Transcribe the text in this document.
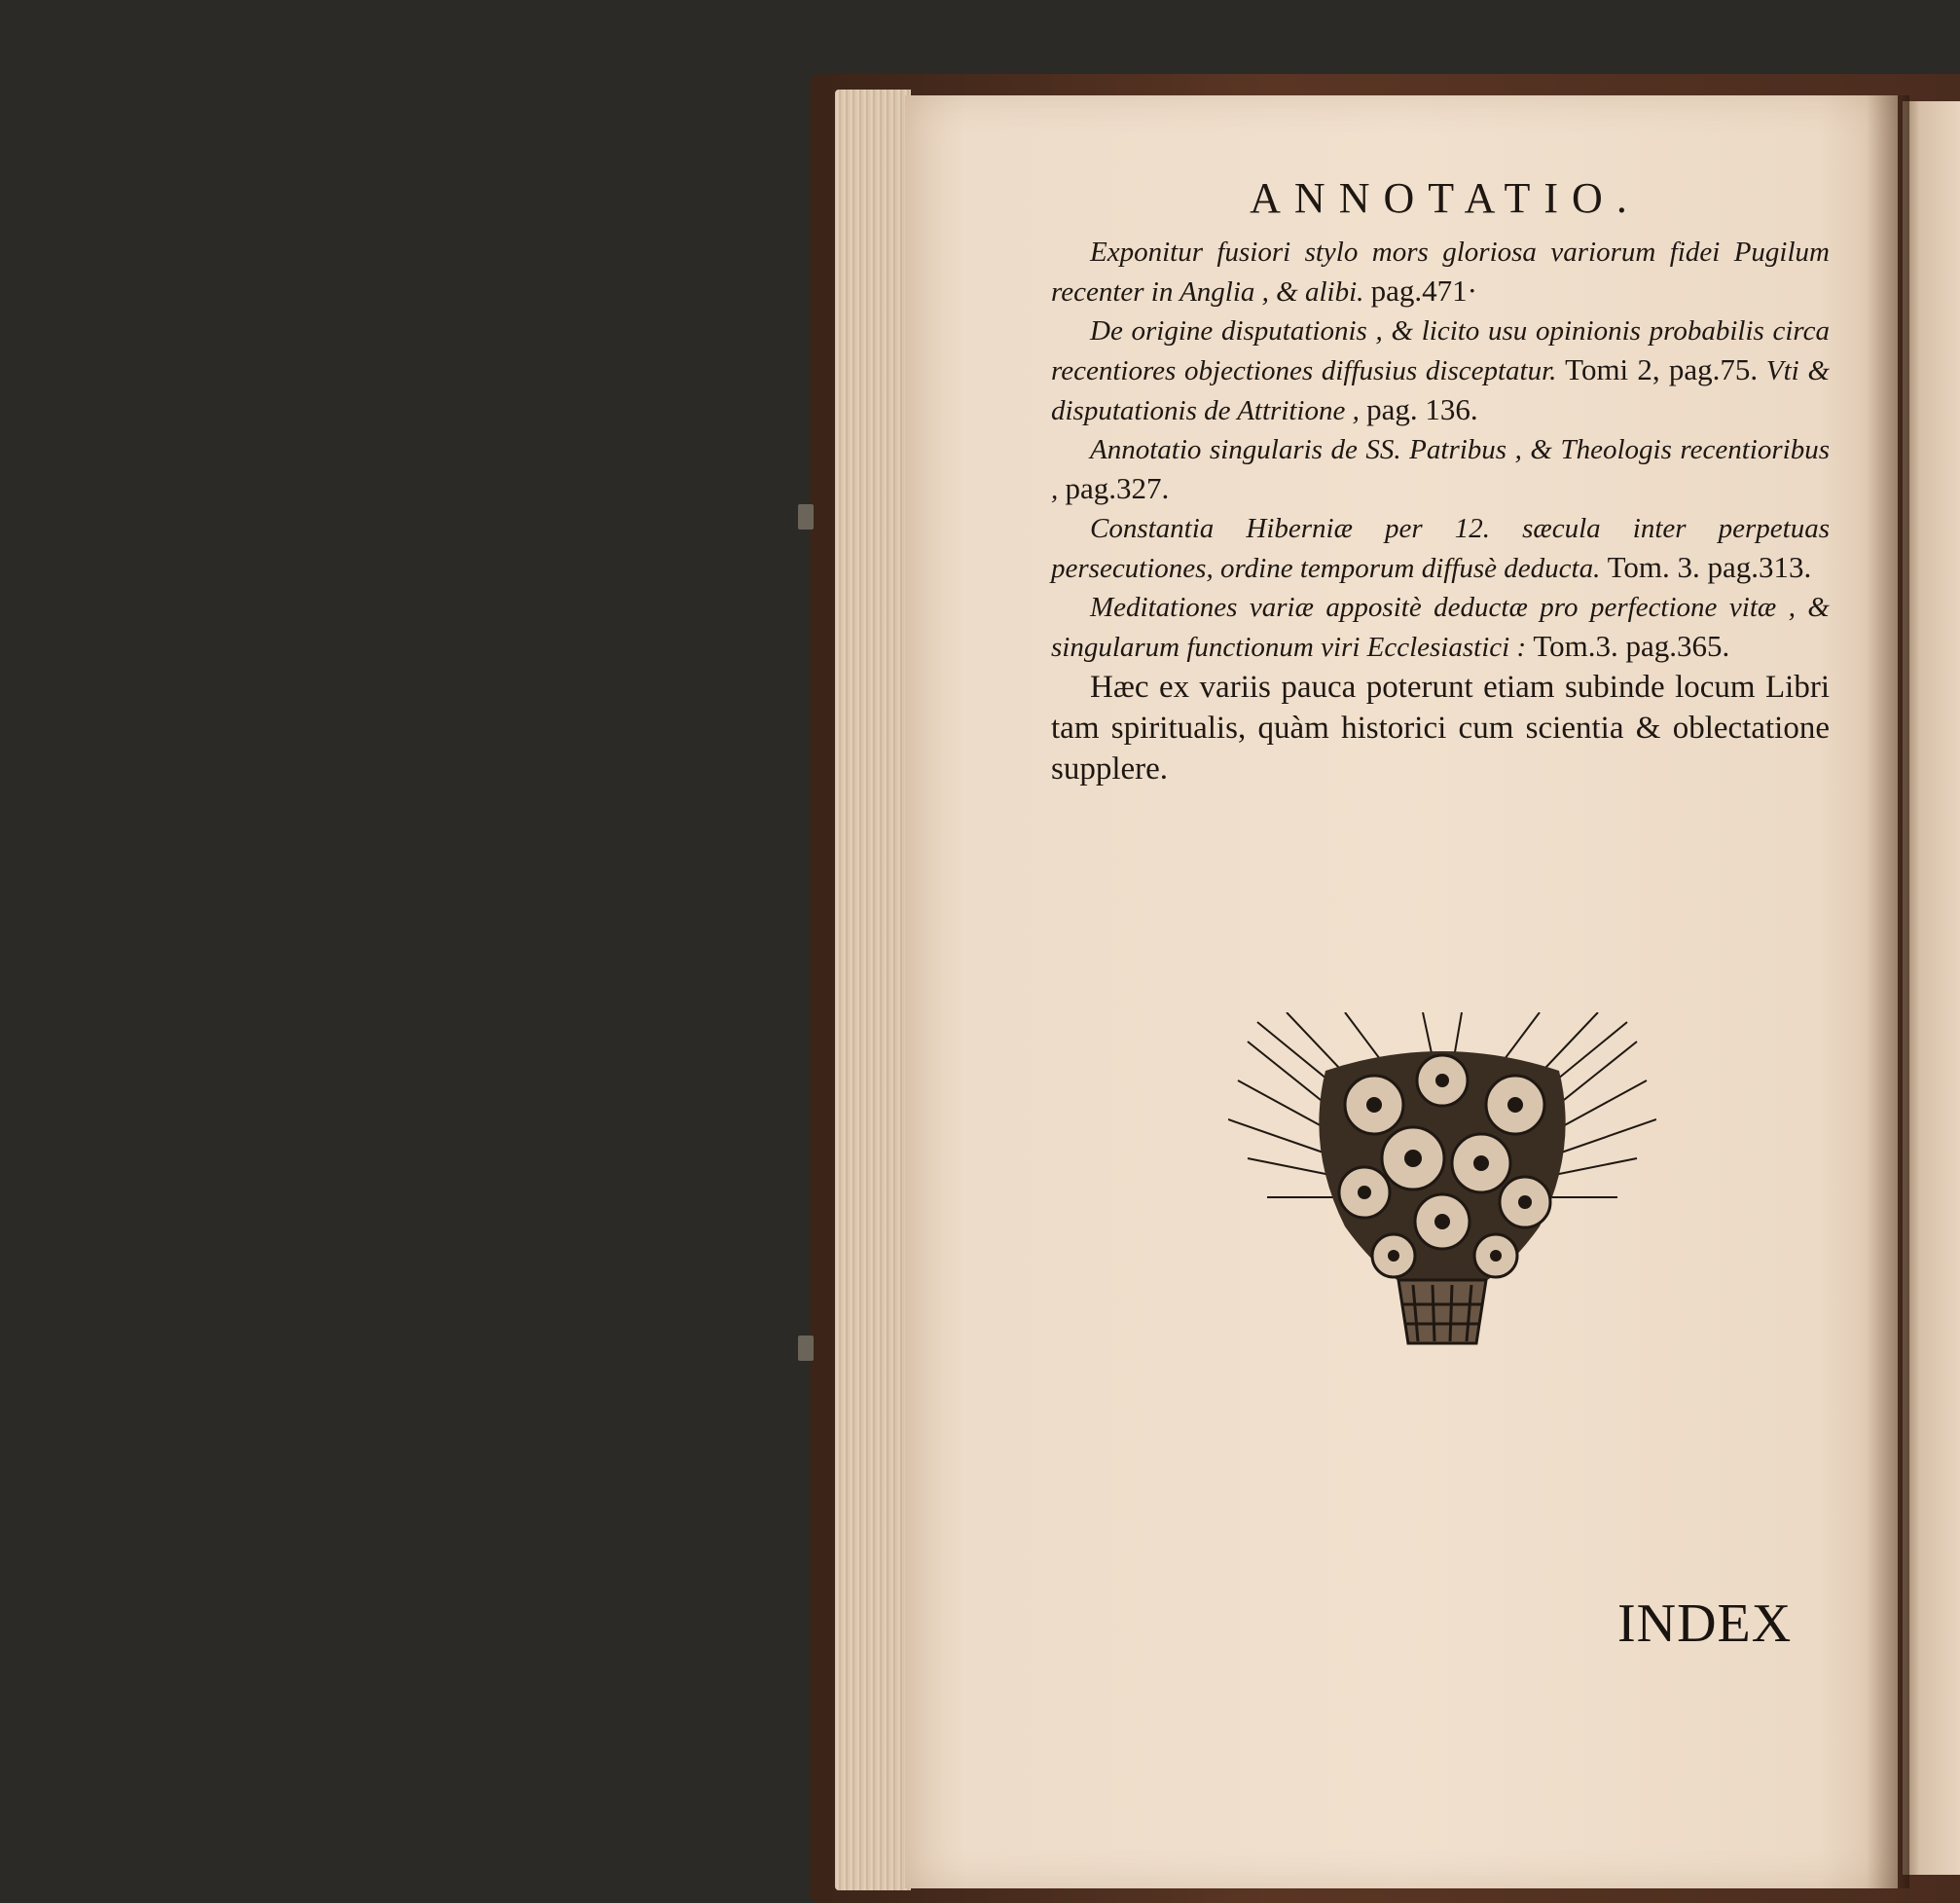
ANNOTATIO.

Exponitur fusiori stylo mors gloriosa variorum fidei Pugilum recenter in Anglia , & alibi. pag.471·

De origine disputationis , & licito usu opinionis probabilis circa recentiores objectiones diffusius disceptatur. Tomi 2, pag.75. Vti & disputationis de Attritione , pag. 136.

Annotatio singularis de SS. Patribus , & Theologis recentioribus , pag.327.

Constantia Hiberniæ per 12. sæcula inter perpetuas persecutiones, ordine temporum diffusè deducta. Tom. 3. pag.313.

Meditationes variæ appositè deductæ pro perfectione vitæ , & singularum functionum viri Ecclesiastici : Tom.3. pag.365.

Hæc ex variis pauca poterunt etiam subinde locum Libri tam spiritualis, quàm historici cum scientia & oblectatione supplere.

INDEX
